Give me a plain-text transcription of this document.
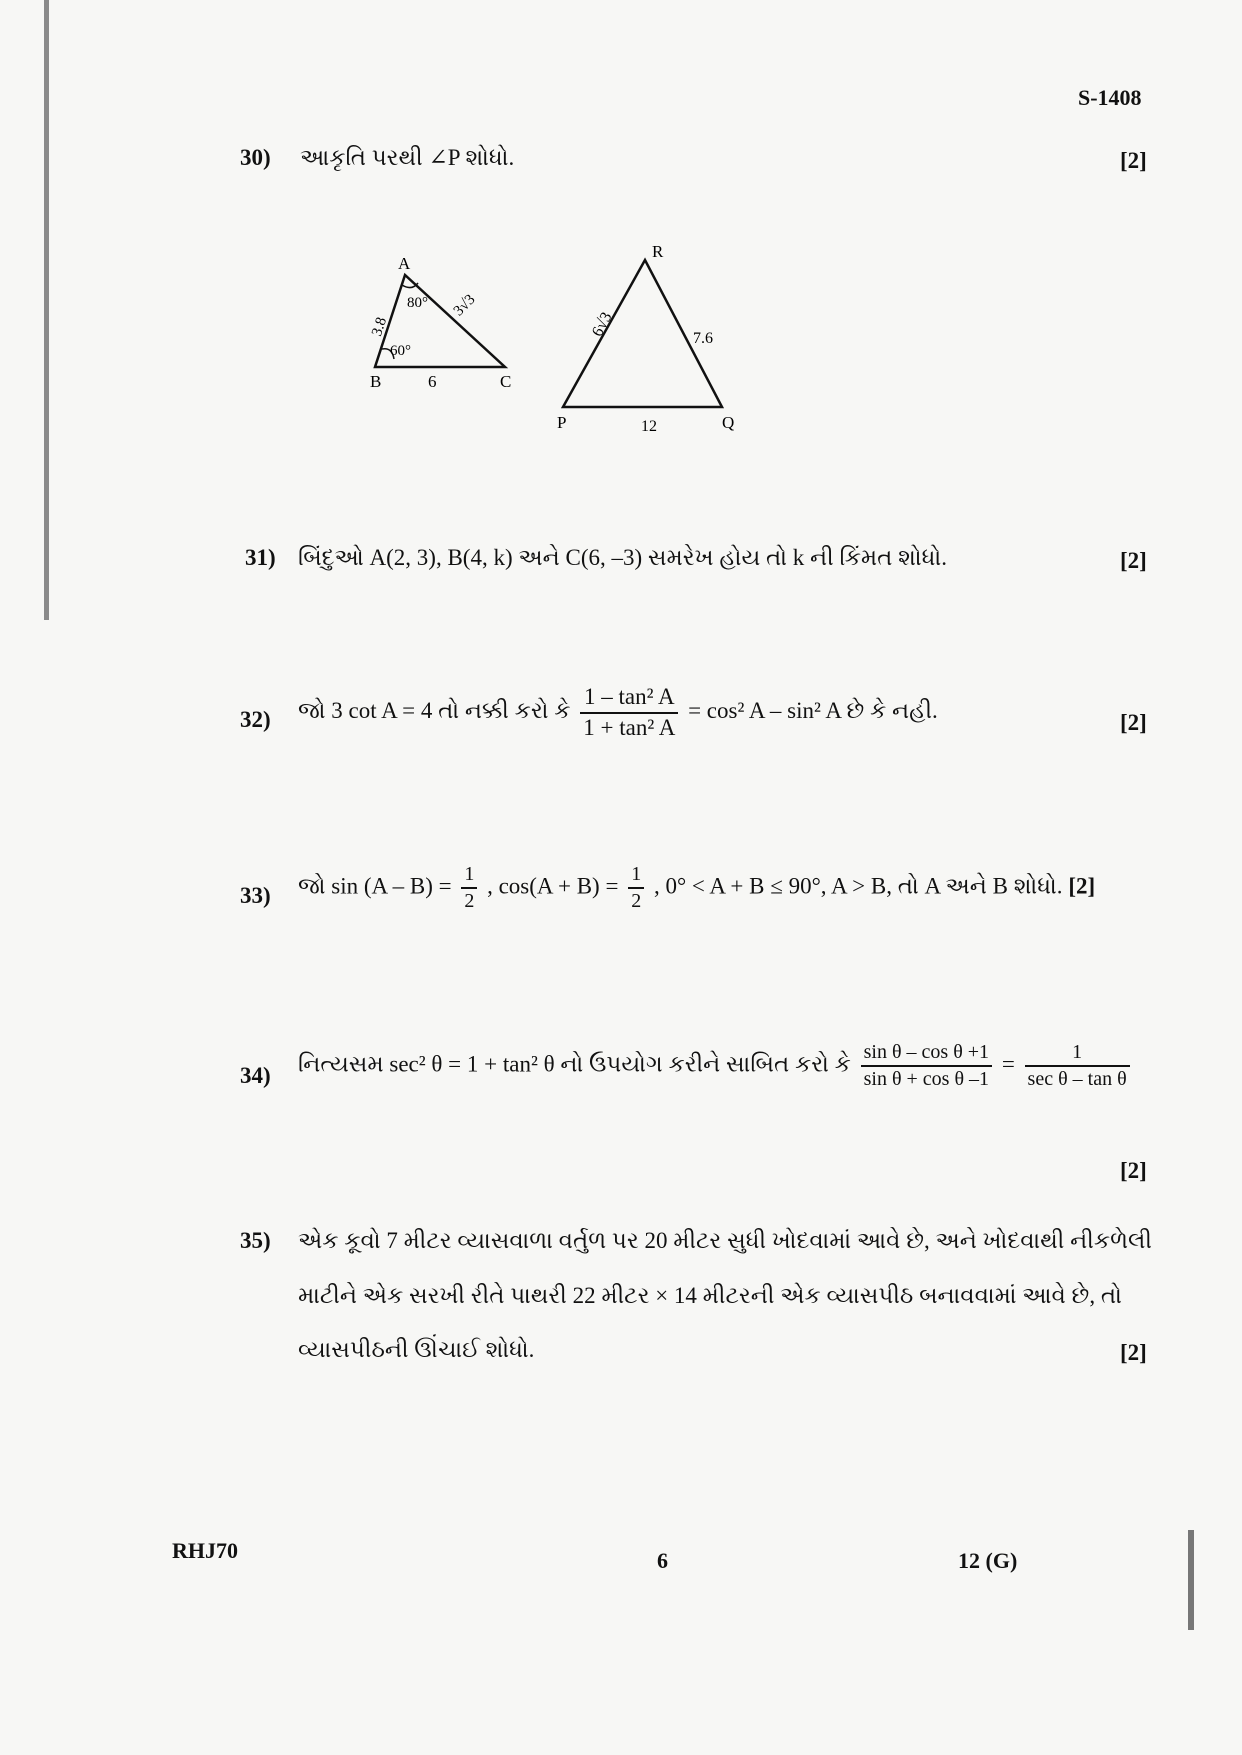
S-1408
30) આકૃતિ પરથી ∠P શોધો.	[2]
A
B	C
3.8
3√3
6
80°
60°
R
P	Q
6√3	7.6
12
31) બિંદુઓ A(2, 3), B(4, k) અને C(6, –3) સમરેખ હોય તો k ની કિંમત શોધો.	[2]
32) જો 3 cot A = 4 તો નક્કી કરો કે $\frac{\text{1 – tan² A}}{\text{1 + tan² A}} = \cos^2$ A – sin² A છે કે નહી.	[2]
33) જો $\sin (A - B) = \frac{1}{2}$ , $\cos(A + B) = \frac{1}{2}$ , 0° < A + B ≤ 90°, A > B, તો A અને B શોધો. [2]
34) નિત્યસમ sec² θ = 1 + tan² θ નો ઉપયોગ કરીને સાબિત કરો કે $\frac{\text{sin θ – cos θ +1}}{\text{sin θ + cos θ –1}} = \frac{1}{\text{sec θ – tan θ}}$
[2]
35) એક કૂવો 7 મીટર વ્યાસવાળા વર્તુળ પર 20 મીટર સુધી ખોદવામાં આવે છે, અને ખોદવાથી નીકળેલી
માટીને એક સરખી રીતે પાથરી 22 મીટર × 14 મીટરની એક વ્યાસપીઠ બનાવવામાં આવે છે, તો
વ્યાસપીઠની ઊંચાઈ શોધો.	[2]
RHJ70	6	12 (G)
